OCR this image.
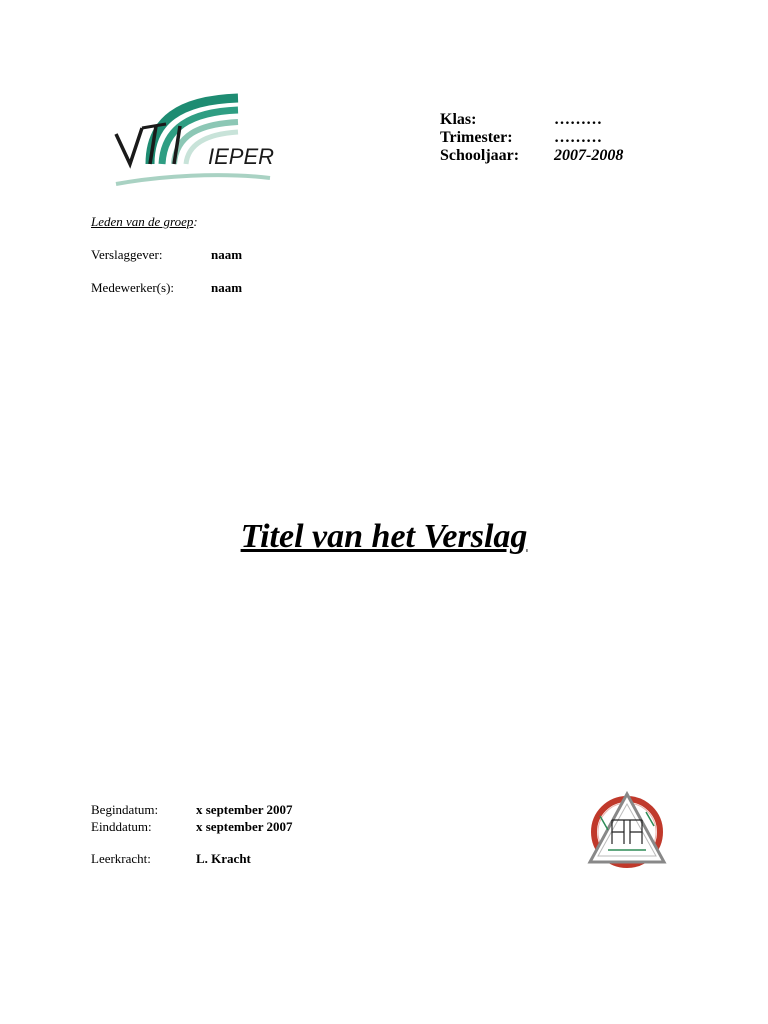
IEPER
Klas:	………
Trimester:	………
Schooljaar:	2007-2008
Leden van de groep:
Verslaggever:	naam
Medewerker(s):	naam
Titel van het Verslag
Begindatum:	x september 2007
Einddatum:	x september 2007
Leerkracht:	L. Kracht
